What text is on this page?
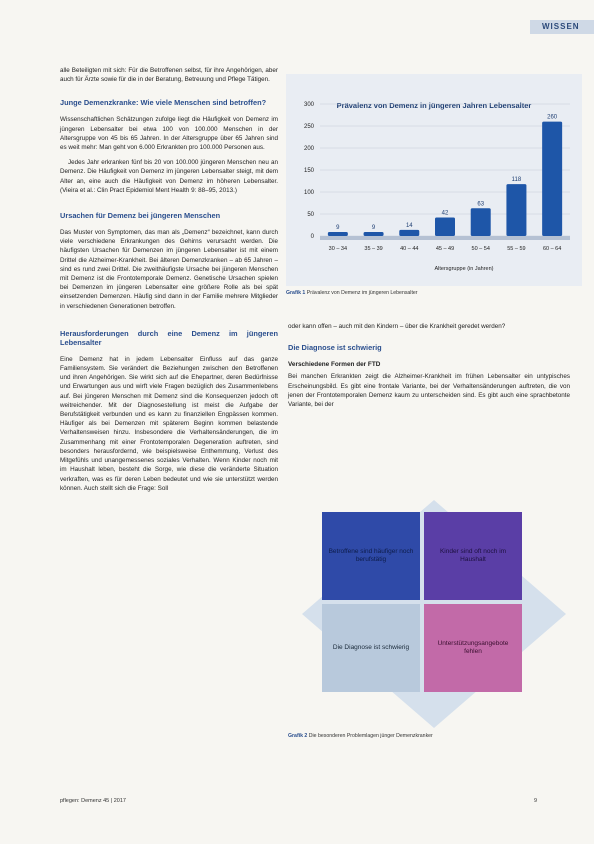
WISSEN

alle Beteiligten mit sich: Für die Betroffenen selbst, für ihre Angehörigen, aber auch für Ärzte sowie für die in der Beratung, Betreuung und Pflege Tätigen.

Junge Demenzkranke: Wie viele Menschen sind betroffen?

Wissenschaftlichen Schätzungen zufolge liegt die Häufigkeit von Demenz im jüngeren Lebensalter bei etwa 100 von 100.000 Menschen in der Altersgruppe von 45 bis 65 Jahren. In der Altersgruppe über 65 Jahren sind es weit mehr: Man geht von 6.000 Erkrankten pro 100.000 Personen aus.

Jedes Jahr erkranken fünf bis 20 von 100.000 jüngeren Menschen neu an Demenz. Die Häufigkeit von Demenz im jüngeren Lebensalter steigt, mit dem Alter an, eine auch die Häufigkeit von Demenz im höheren Lebensalter. (Vieira et al.: Clin Pract Epidemiol Ment Health 9: 88–95, 2013.)

Ursachen für Demenz bei jüngeren Menschen

Das Muster von Symptomen, das man als „Demenz“ bezeichnet, kann durch viele verschiedene Erkrankungen des Gehirns verursacht werden. Die häufigsten Ursachen für Demenzen im jüngeren Lebensalter ist mit einem Drittel die Alzheimer-Krankheit. Bei älteren Demenzkranken – ab 65 Jahren – sind es rund zwei Drittel. Die zweithäufigste Ursache bei jüngeren Menschen mit Demenz ist die Frontotemporale Demenz. Genetische Ursachen spielen bei Demenzen im jüngeren Lebensalter eine größere Rolle als bei spät einsetzenden Demenzen. Häufig sind dann in der Familie mehrere Mitglieder in verschiedenen Generationen betroffen.

Herausforderungen durch eine Demenz im jüngeren Lebensalter

Eine Demenz hat in jedem Lebensalter Einfluss auf das ganze Familiensystem. Sie verändert die Beziehungen zwischen den Betroffenen und ihren Angehörigen. Sie wirkt sich auf die Ehepartner, deren Bedürfnisse und Erwartungen aus und wirft viele Fragen bezüglich des Zusammenlebens auf. Bei jüngeren Menschen mit Demenz sind die Konsequenzen jedoch oft weitreichender. Mit der Diagnosestellung ist meist die Aufgabe der Berufstätigkeit verbunden und es kann zu finanziellen Engpässen kommen. Häufiger als bei Demenzen mit späterem Beginn kommen belastende Verhaltensweisen hinzu. Insbesondere die Verhaltensänderungen, die im Zusammenhang mit einer Frontotemporalen Degeneration auftreten, sind besonders herausfordernd, wie beispielsweise Enthemmung, Verlust des Mitgefühls und unangemessenes soziales Verhalten. Wenn Kinder noch mit im Haushalt leben, besteht die Sorge, wie diese die veränderte Situation verkraften, was es für deren Leben bedeutet und wie sie unterstützt werden können. Auch stellt sich die Frage: Soll

Prävalenz von Demenz in jüngeren Jahren Lebensalter
Altersgruppe (in Jahren)
0
50
100
150
200
250
300
9
30 – 34
9
35 – 39
14
40 – 44
42
45 – 49
63
50 – 54
118
55 – 59
260
60 – 64
Grafik 1 Prävalenz von Demenz im jüngeren Lebensalter

oder kann offen – auch mit den Kindern – über die Krankheit geredet werden?

Die Diagnose ist schwierig
Verschiedene Formen der FTD

Bei manchen Erkrankten zeigt die Alzheimer-Krankheit im frühen Lebensalter ein untypisches Erscheinungsbild. Es gibt eine frontale Variante, bei der Verhaltensänderungen auftreten, die von jenen der Frontotemporalen Demenz kaum zu unterscheiden sind. Es gibt auch eine sprachbetonte Variante, bei der

Betroffene sind häufiger noch berufstätig
Kinder sind oft noch im Haushalt
Die Diagnose ist schwierig
Unterstützungsangebote fehlen
Grafik 2 Die besonderen Problemlagen jünger Demenzkranker
pflegen: Demenz 45 | 2017	9
